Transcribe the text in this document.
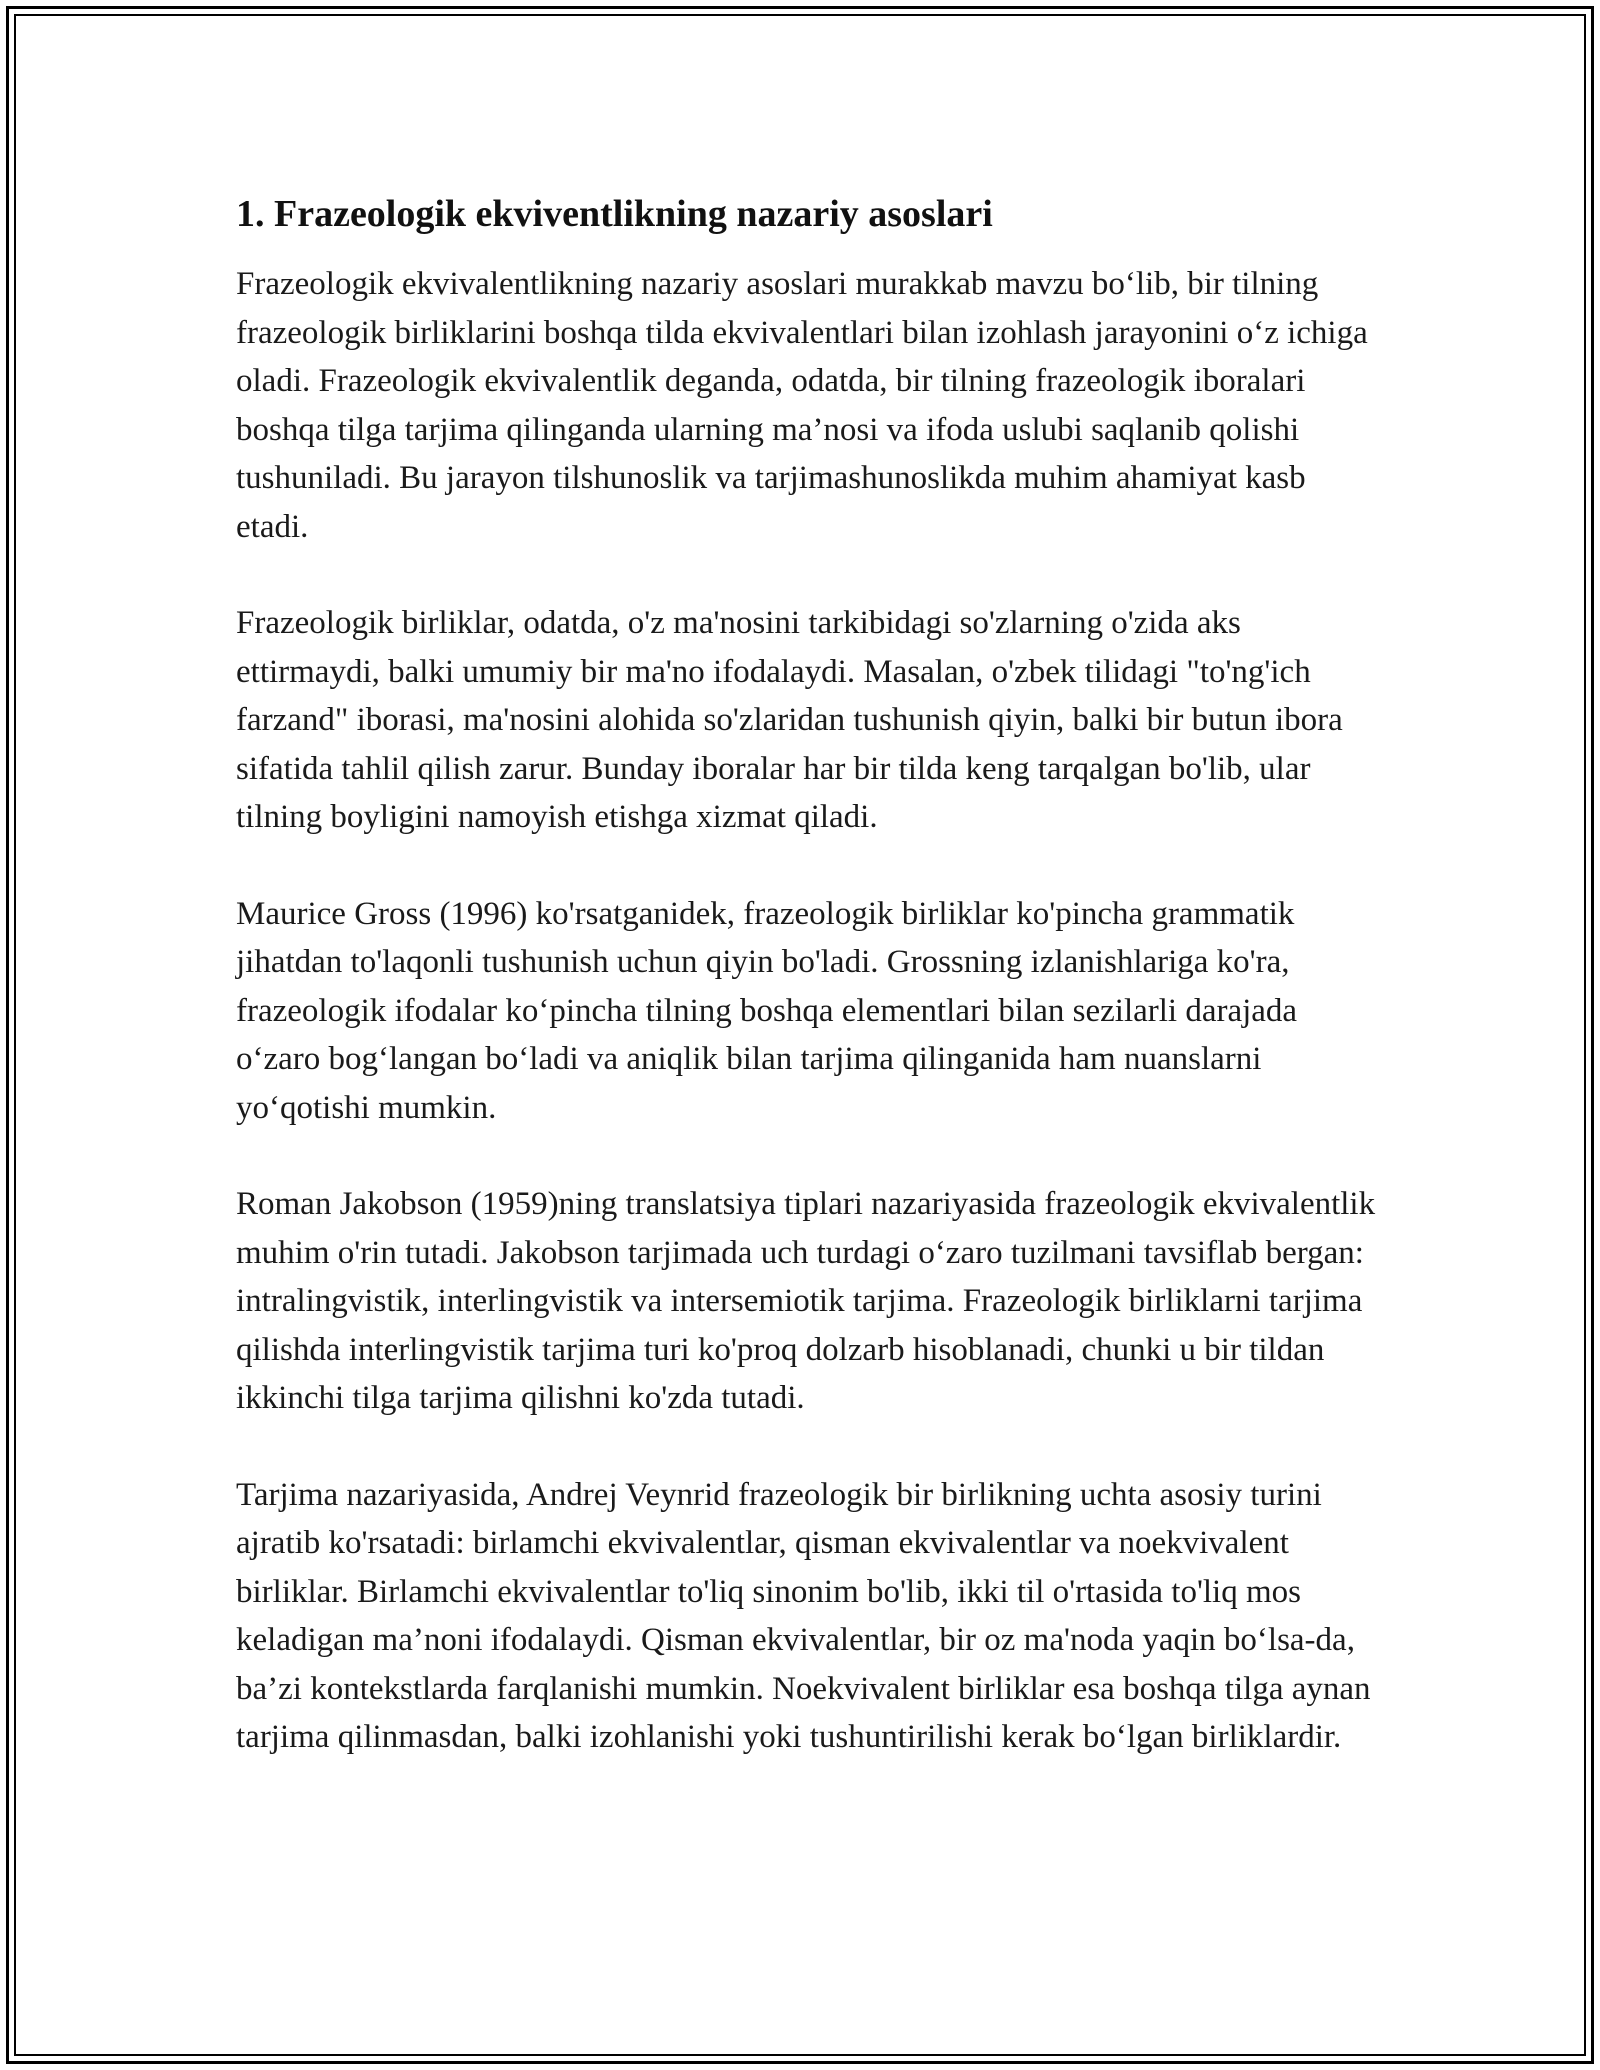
1. Frazeologik ekviventlikning nazariy asoslari

Frazeologik ekvivalentlikning nazariy asoslari murakkab mavzu bo‘lib, bir tilning frazeologik birliklarini boshqa tilda ekvivalentlari bilan izohlash jarayonini o‘z ichiga oladi. Frazeologik ekvivalentlik deganda, odatda, bir tilning frazeologik iboralari boshqa tilga tarjima qilinganda ularning ma’nosi va ifoda uslubi saqlanib qolishi tushuniladi. Bu jarayon tilshunoslik va tarjimashunoslikda muhim ahamiyat kasb etadi.

Frazeologik birliklar, odatda, o'z ma'nosini tarkibidagi so'zlarning o'zida aks ettirmaydi, balki umumiy bir ma'no ifodalaydi. Masalan, o'zbek tilidagi "to'ng'ich farzand" iborasi, ma'nosini alohida so'zlaridan tushunish qiyin, balki bir butun ibora sifatida tahlil qilish zarur. Bunday iboralar har bir tilda keng tarqalgan bo'lib, ular tilning boyligini namoyish etishga xizmat qiladi.

Maurice Gross (1996) ko'rsatganidek, frazeologik birliklar ko'pincha grammatik jihatdan to'laqonli tushunish uchun qiyin bo'ladi. Grossning izlanishlariga ko'ra, frazeologik ifodalar ko‘pincha tilning boshqa elementlari bilan sezilarli darajada o‘zaro bog‘langan bo‘ladi va aniqlik bilan tarjima qilinganida ham nuanslarni yo‘qotishi mumkin.

Roman Jakobson (1959)ning translatsiya tiplari nazariyasida frazeologik ekvivalentlik muhim o'rin tutadi. Jakobson tarjimada uch turdagi o‘zaro tuzilmani tavsiflab bergan: intralingvistik, interlingvistik va intersemiotik tarjima. Frazeologik birliklarni tarjima qilishda interlingvistik tarjima turi ko'proq dolzarb hisoblanadi, chunki u bir tildan ikkinchi tilga tarjima qilishni ko'zda tutadi.

Tarjima nazariyasida, Andrej Veynrid frazeologik bir birlikning uchta asosiy turini ajratib ko'rsatadi: birlamchi ekvivalentlar, qisman ekvivalentlar va noekvivalent birliklar. Birlamchi ekvivalentlar to'liq sinonim bo'lib, ikki til o'rtasida to'liq mos keladigan ma’noni ifodalaydi. Qisman ekvivalentlar, bir oz ma'noda yaqin bo‘lsa-da, ba’zi kontekstlarda farqlanishi mumkin. Noekvivalent birliklar esa boshqa tilga aynan tarjima qilinmasdan, balki izohlanishi yoki tushuntirilishi kerak bo‘lgan birliklardir.
